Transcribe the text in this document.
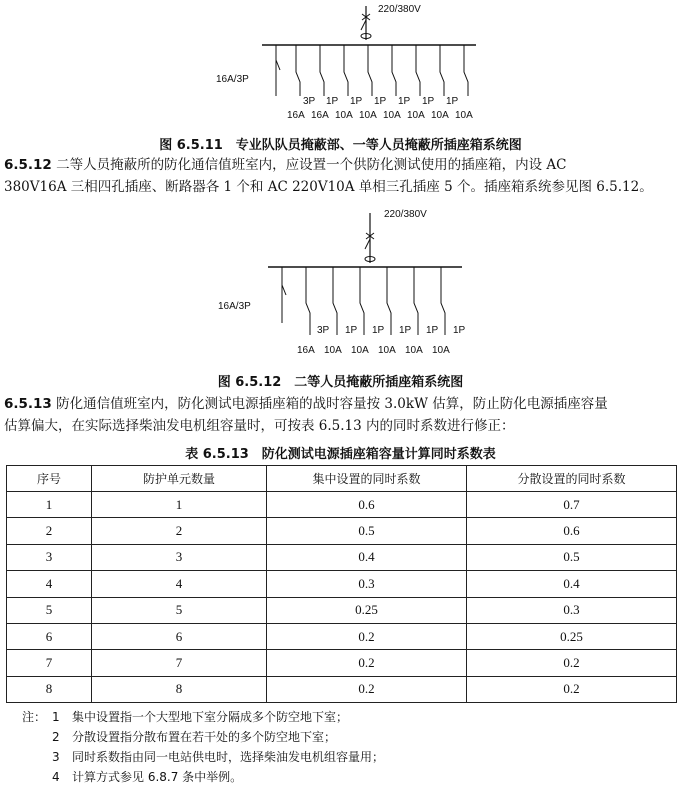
220/380V
16A/3P
3P 1P 1P 1P 1P 1P 1P
16A 16A 10A 10A 10A 10A 10A 10A
图 6.5.11　专业队队员掩蔽部、一等人员掩蔽所插座箱系统图
6.5.12 二等人员掩蔽所的防化通信值班室内，应设置一个供防化测试使用的插座箱，内设 AC
380V16A 三相四孔插座、断路器各 1 个和 AC 220V10A 单相三孔插座 5 个。插座箱系统参见图 6.5.12。
220/380V
16A/3P
3P 1P 1P 1P 1P 1P
16A 10A 10A 10A 10A 10A
图 6.5.12　二等人员掩蔽所插座箱系统图
6.5.13 防化通信值班室内，防化测试电源插座箱的战时容量按 3.0kW 估算，防止防化电源插座容量
估算偏大，在实际选择柴油发电机组容量时，可按表 6.5.13 内的同时系数进行修正：
表 6.5.13　防化测试电源插座箱容量计算同时系数表
序号	防护单元数量	集中设置的同时系数	分散设置的同时系数
1	1	0.6	0.7
2	2	0.5	0.6
3	3	0.4	0.5
4	4	0.3	0.4
5	5	0.25	0.3
6	6	0.2	0.25
7	7	0.2	0.2
8	8	0.2	0.2
注： 1	集中设置指一个大型地下室分隔成多个防空地下室；
2	分散设置指分散布置在若干处的多个防空地下室；
3	同时系数指由同一电站供电时，选择柴油发电机组容量用；
4	计算方式参见 6.8.7 条中举例。
